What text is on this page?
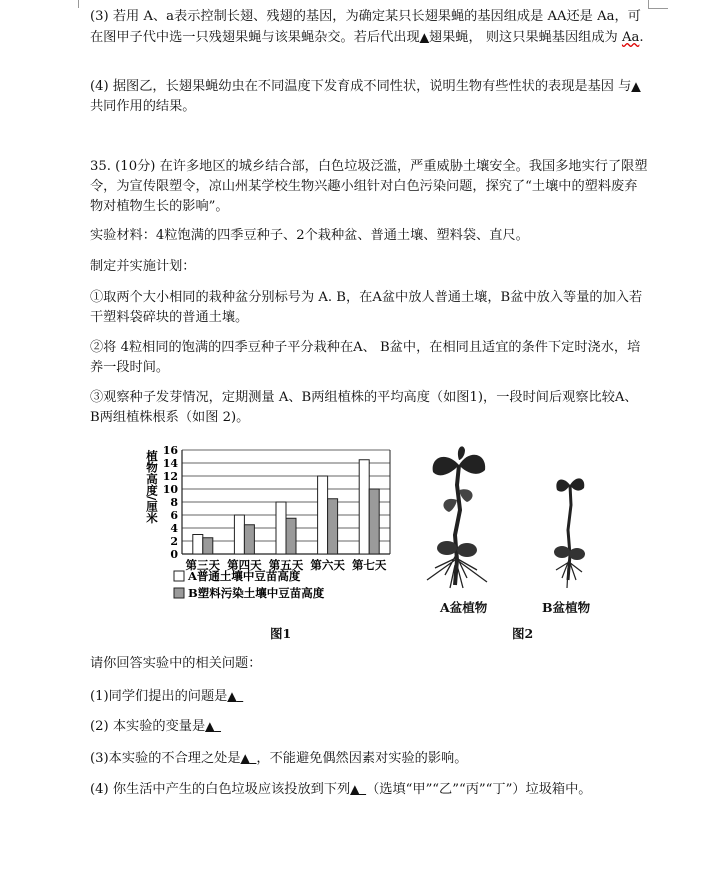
(3) 若用 A、a表示控制长翅、残翅的基因，为确定某只长翅果蝇的基因组成是 AA还是 Aa，可在图甲子代中选一只残翅果蝇与该果蝇杂交。若后代出现▲翅果蝇， 则这只果蝇基因组成为 Aa.

(4) 据图乙，长翅果蝇幼虫在不同温度下发育成不同性状，说明生物有些性状的表现是基因 与▲共同作用的结果。

35. (10分) 在许多地区的城乡结合部，白色垃圾泛滥，严重威胁土壤安全。我国多地实行了限塑令，为宣传限塑令，凉山州某学校生物兴趣小组针对白色污染问题，探究了“土壤中的塑料废弃物对植物生长的影响”。

实验材料：4粒饱满的四季豆种子、2个栽种盆、普通土壤、塑料袋、直尺。

制定并实施计划：

①取两个大小相同的栽种盆分别标号为 A. B，在A盆中放人普通土壤，B盆中放入等量的加入若干塑料袋碎块的普通土壤。

②将 4粒相同的饱满的四季豆种子平分栽种在A、 B盆中，在相同且适宜的条件下定时浇水，培养一段时间。

③观察种子发芽情况，定期测量 A、B两组植株的平均高度（如图1)，一段时间后观察比较A、 B两组植株根系（如图 2)。

0
2
4
6
8
10
12
14
16
植物高度/厘米
第三天 第四天 第五天 第六天 第七天
A普通土壤中豆苗高度
B塑料污染土壤中豆苗高度
图1
A盆植物	B盆植物
图2

请你回答实验中的相关问题：

(1)同学们提出的问题是▲ 

(2) 本实验的变量是▲ 

(3)本实验的不合理之处是▲  ，不能避免偶然因素对实验的影响。

(4) 你生活中产生的白色垃圾应该投放到下列▲  （选填“甲”“乙”“丙”“丁”）垃圾箱中。
